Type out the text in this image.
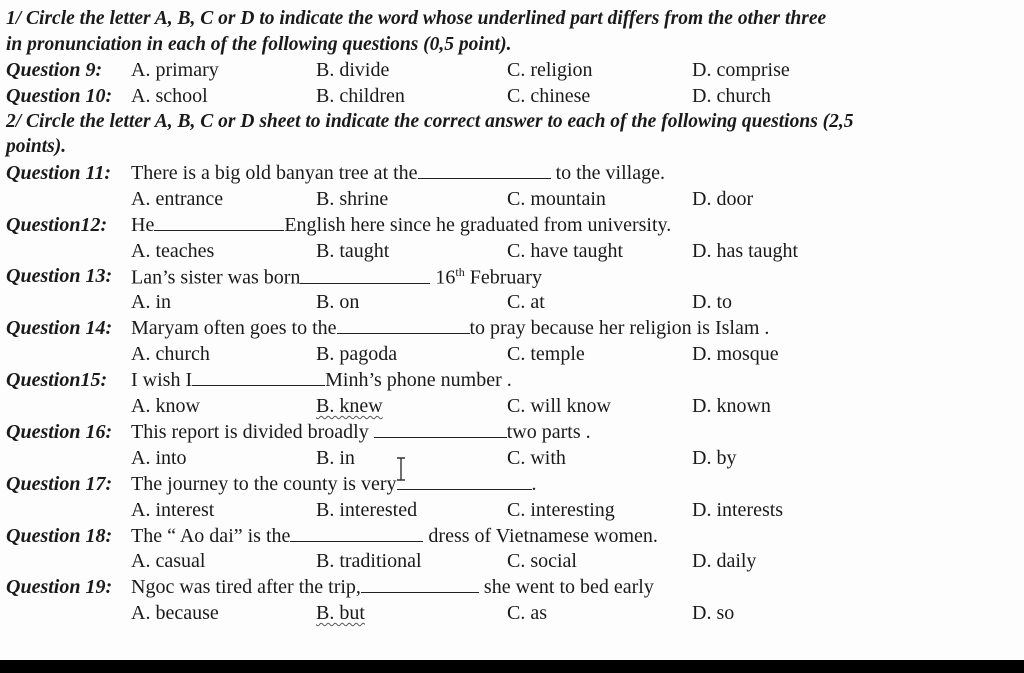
1/ Circle the letter A, B, C or D to indicate the word whose underlined part differs from the other three
in pronunciation in each of the following questions (0,5 point).
Question 9: A. primary	B. divide	C. religion	D. comprise
Question 10: A. school	B. children	C. chinese	D. church
2/ Circle the letter A, B, C or D sheet to indicate the correct answer to each of the following questions (2,5
points).
Question 11: There is a big old banyan tree at the	to the village.
A. entrance	B. shrine	C. mountain	D. door
Question12: He	English here since he graduated from university.
A. teaches	B. taught	C. have taught	D. has taught
Question 13: Lan’s sister was born	16th February
A. in	B. on	C. at	D. to
Question 14: Maryam often goes to the	to pray because her religion is Islam .
A. church	B. pagoda	C. temple	D. mosque
Question15: I wish I	Minh’s phone number .
A. know	B. knew	C. will know	D. known
Question 16: This report is divided broadly	two parts .
A. into	B. in	C. with	D. by
Question 17: The journey to the county is very	.
A. interest	B. interested	C. interesting	D. interests
Question 18: The “ Ao dai” is the	dress of Vietnamese women.
A. casual	B. traditional	C. social	D. daily
Question 19: Ngoc was tired after the trip,	she went to bed early
A. because	B. but	C. as	D. so
